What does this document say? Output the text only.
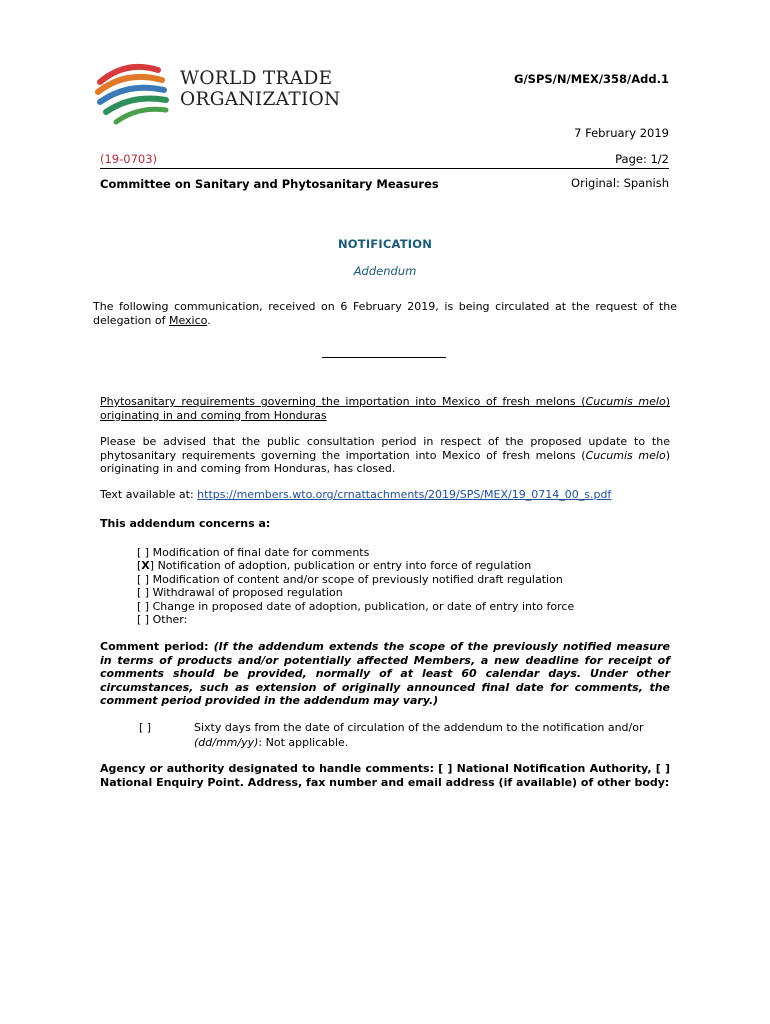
WORLD TRADE
ORGANIZATION
G/SPS/N/MEX/358/Add.1
7 February 2019
(19-0703)	Page: 1/2
Committee on Sanitary and Phytosanitary Measures	Original: Spanish
NOTIFICATION
Addendum
The following communication, received on 6 February 2019, is being circulated at the request of the delegation of Mexico.
Phytosanitary requirements governing the importation into Mexico of fresh melons (Cucumis melo) originating in and coming from Honduras
Please be advised that the public consultation period in respect of the proposed update to the phytosanitary requirements governing the importation into Mexico of fresh melons (Cucumis melo) originating in and coming from Honduras, has closed.
Text available at: https://members.wto.org/crnattachments/2019/SPS/MEX/19_0714_00_s.pdf
This addendum concerns a:
[ ] Modification of final date for comments
[X] Notification of adoption, publication or entry into force of regulation
[ ] Modification of content and/or scope of previously notified draft regulation
[ ] Withdrawal of proposed regulation
[ ] Change in proposed date of adoption, publication, or date of entry into force
[ ] Other:
Comment period: (If the addendum extends the scope of the previously notified measure in terms of products and/or potentially affected Members, a new deadline for receipt of comments should be provided, normally of at least 60 calendar days. Under other circumstances, such as extension of originally announced final date for comments, the comment period provided in the addendum may vary.)
[ ]	Sixty days from the date of circulation of the addendum to the notification and/or (dd/mm/yy): Not applicable.
Agency or authority designated to handle comments: [ ] National Notification Authority, [ ] National Enquiry Point. Address, fax number and email address (if available) of other body:
